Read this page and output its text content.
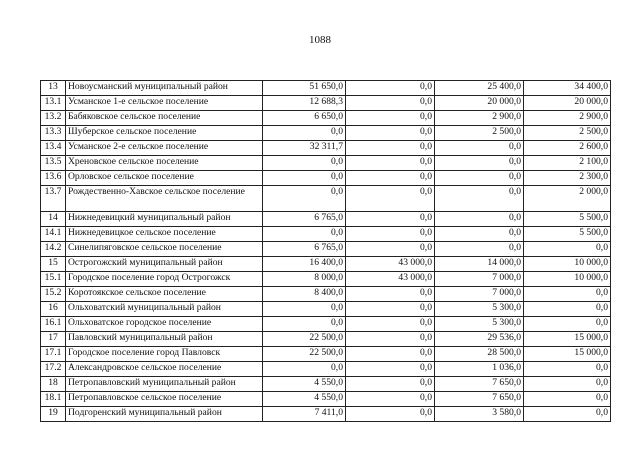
1088
13	Новоусманский муниципальный район	51 650,0	0,0	25 400,0	34 400,0
13.1	Усманское 1-е сельское поселение	12 688,3	0,0	20 000,0	20 000,0
13.2	Бабяковское сельское поселение	6 650,0	0,0	2 900,0	2 900,0
13.3	Шуберское сельское поселение	0,0	0,0	2 500,0	2 500,0
13.4	Усманское 2-е сельское поселение	32 311,7	0,0	0,0	2 600,0
13.5	Хреновское сельское поселение	0,0	0,0	0,0	2 100,0
13.6	Орловское сельское поселение	0,0	0,0	0,0	2 300,0
13.7	Рождественно-Хавское сельское поселение	0,0	0,0	0,0	2 000,0
14	Нижнедевицкий муниципальный район	6 765,0	0,0	0,0	5 500,0
14.1	Нижнедевицкое сельское поселение	0,0	0,0	0,0	5 500,0
14.2	Синелипяговское сельское поселение	6 765,0	0,0	0,0	0,0
15	Острогожский муниципальный район	16 400,0	43 000,0	14 000,0	10 000,0
15.1	Городское поселение город Острогожск	8 000,0	43 000,0	7 000,0	10 000,0
15.2	Коротоякское сельское поселение	8 400,0	0,0	7 000,0	0,0
16	Ольховатский муниципальный район	0,0	0,0	5 300,0	0,0
16.1	Ольховатское городское поселение	0,0	0,0	5 300,0	0,0
17	Павловский муниципальный район	22 500,0	0,0	29 536,0	15 000,0
17.1	Городское поселение город Павловск	22 500,0	0,0	28 500,0	15 000,0
17.2	Александровское сельское поселение	0,0	0,0	1 036,0	0,0
18	Петропавловский муниципальный район	4 550,0	0,0	7 650,0	0,0
18.1	Петропавловское сельское поселение	4 550,0	0,0	7 650,0	0,0
19	Подгоренский муниципальный район	7 411,0	0,0	3 580,0	0,0
